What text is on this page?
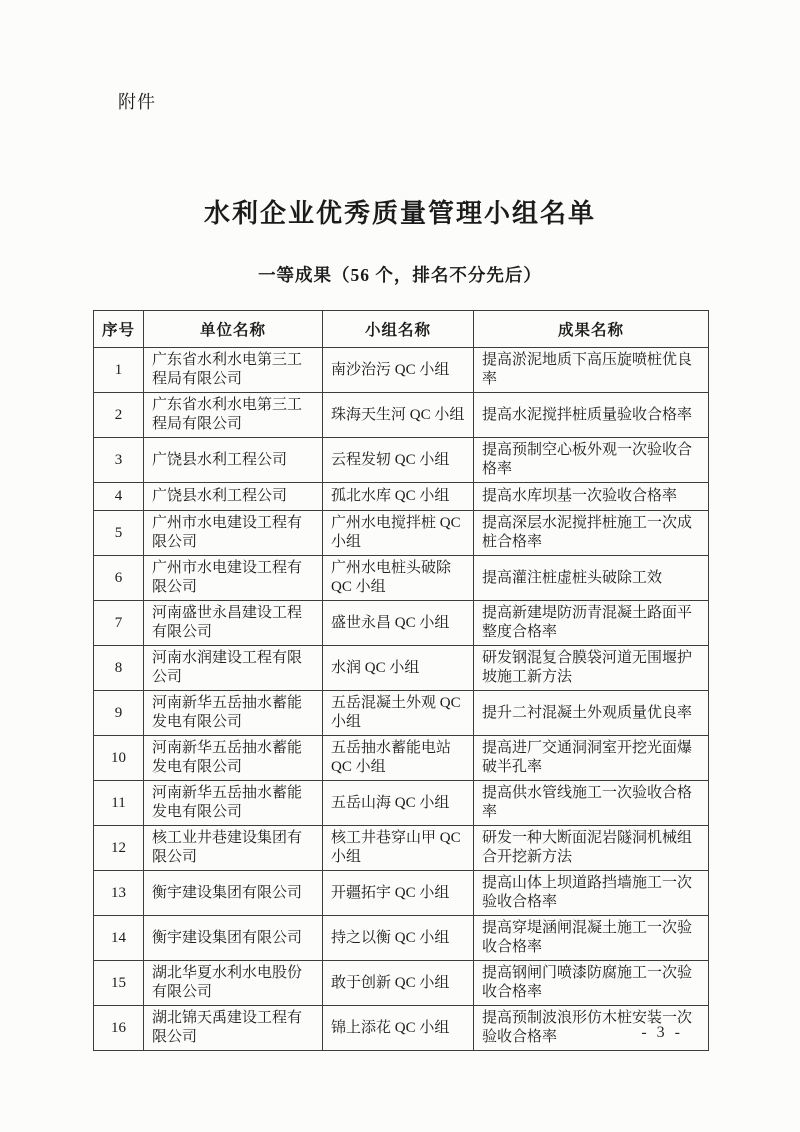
附件
水利企业优秀质量管理小组名单
一等成果（56 个，排名不分先后）
序号	单位名称	小组名称	成果名称
1	广东省水利水电第三工程局有限公司	南沙治污 QC 小组	提高淤泥地质下高压旋喷桩优良率
2	广东省水利水电第三工程局有限公司	珠海天生河 QC 小组	提高水泥搅拌桩质量验收合格率
3	广饶县水利工程公司	云程发轫 QC 小组	提高预制空心板外观一次验收合格率
4	广饶县水利工程公司	孤北水库 QC 小组	提高水库坝基一次验收合格率
5	广州市水电建设工程有限公司	广州水电搅拌桩 QC 小组	提高深层水泥搅拌桩施工一次成桩合格率
6	广州市水电建设工程有限公司	广州水电桩头破除 QC 小组	提高灌注桩虚桩头破除工效
7	河南盛世永昌建设工程有限公司	盛世永昌 QC 小组	提高新建堤防沥青混凝土路面平整度合格率
8	河南水润建设工程有限公司	水润 QC 小组	研发钢混复合膜袋河道无围堰护坡施工新方法
9	河南新华五岳抽水蓄能发电有限公司	五岳混凝土外观 QC 小组	提升二衬混凝土外观质量优良率
10	河南新华五岳抽水蓄能发电有限公司	五岳抽水蓄能电站 QC 小组	提高进厂交通洞洞室开挖光面爆破半孔率
11	河南新华五岳抽水蓄能发电有限公司	五岳山海 QC 小组	提高供水管线施工一次验收合格率
12	核工业井巷建设集团有限公司	核工井巷穿山甲 QC 小组	研发一种大断面泥岩隧洞机械组合开挖新方法
13	衡宇建设集团有限公司	开疆拓宇 QC 小组	提高山体上坝道路挡墙施工一次验收合格率
14	衡宇建设集团有限公司	持之以衡 QC 小组	提高穿堤涵闸混凝土施工一次验收合格率
15	湖北华夏水利水电股份有限公司	敢于创新 QC 小组	提高钢闸门喷漆防腐施工一次验收合格率
16	湖北锦天禹建设工程有限公司	锦上添花 QC 小组	提高预制波浪形仿木桩安装一次验收合格率	- 3 -
